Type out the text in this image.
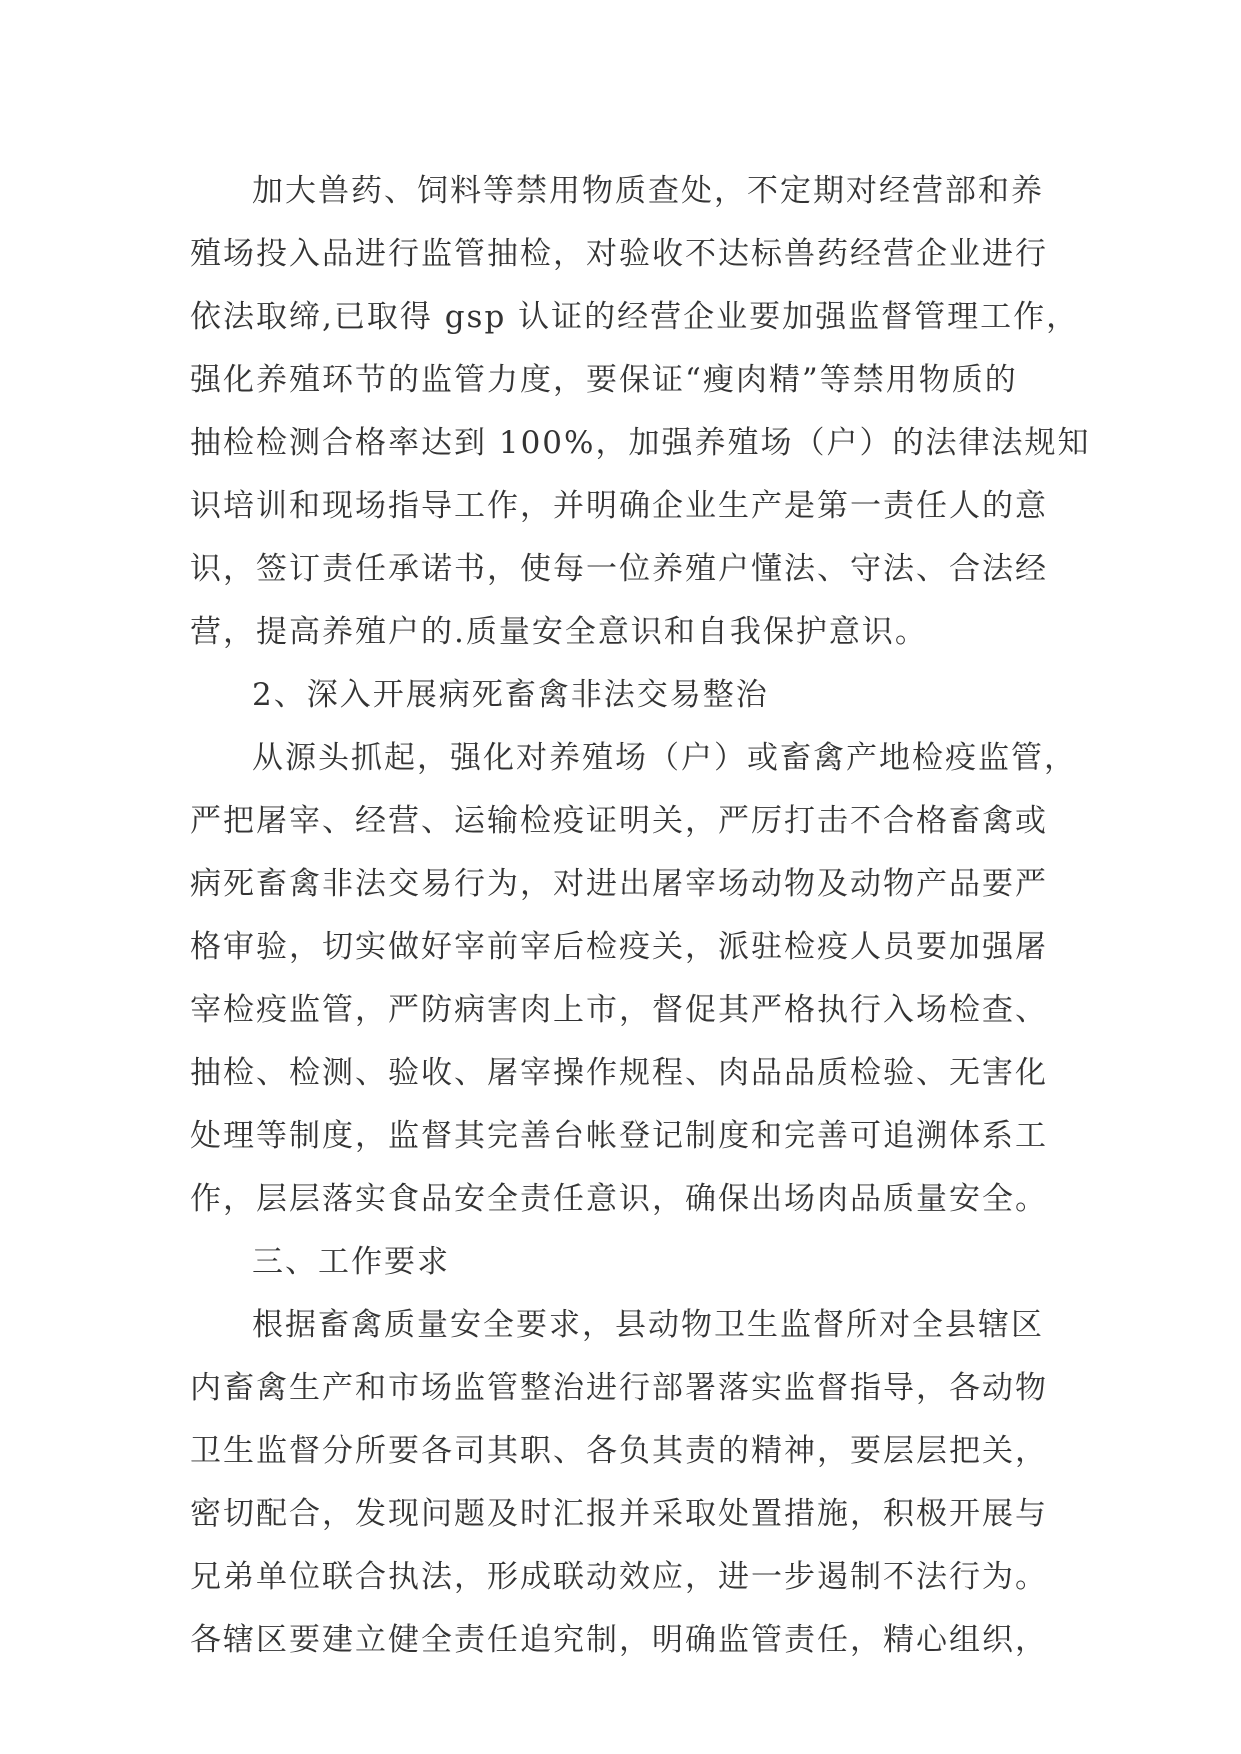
加大兽药、饲料等禁用物质查处，不定期对经营部和养
殖场投入品进行监管抽检，对验收不达标兽药经营企业进行
依法取缔,已取得 gsp 认证的经营企业要加强监督管理工作，
强化养殖环节的监管力度，要保证“瘦肉精”等禁用物质的
抽检检测合格率达到 100%，加强养殖场（户）的法律法规知
识培训和现场指导工作，并明确企业生产是第一责任人的意
识，签订责任承诺书，使每一位养殖户懂法、守法、合法经
营，提高养殖户的.质量安全意识和自我保护意识。
2、深入开展病死畜禽非法交易整治
从源头抓起，强化对养殖场（户）或畜禽产地检疫监管，
严把屠宰、经营、运输检疫证明关，严厉打击不合格畜禽或
病死畜禽非法交易行为，对进出屠宰场动物及动物产品要严
格审验，切实做好宰前宰后检疫关，派驻检疫人员要加强屠
宰检疫监管，严防病害肉上市，督促其严格执行入场检查、
抽检、检测、验收、屠宰操作规程、肉品品质检验、无害化
处理等制度，监督其完善台帐登记制度和完善可追溯体系工
作，层层落实食品安全责任意识，确保出场肉品质量安全。
三、工作要求
根据畜禽质量安全要求，县动物卫生监督所对全县辖区
内畜禽生产和市场监管整治进行部署落实监督指导，各动物
卫生监督分所要各司其职、各负其责的精神，要层层把关，
密切配合，发现问题及时汇报并采取处置措施，积极开展与
兄弟单位联合执法，形成联动效应，进一步遏制不法行为。
各辖区要建立健全责任追究制，明确监管责任，精心组织，
